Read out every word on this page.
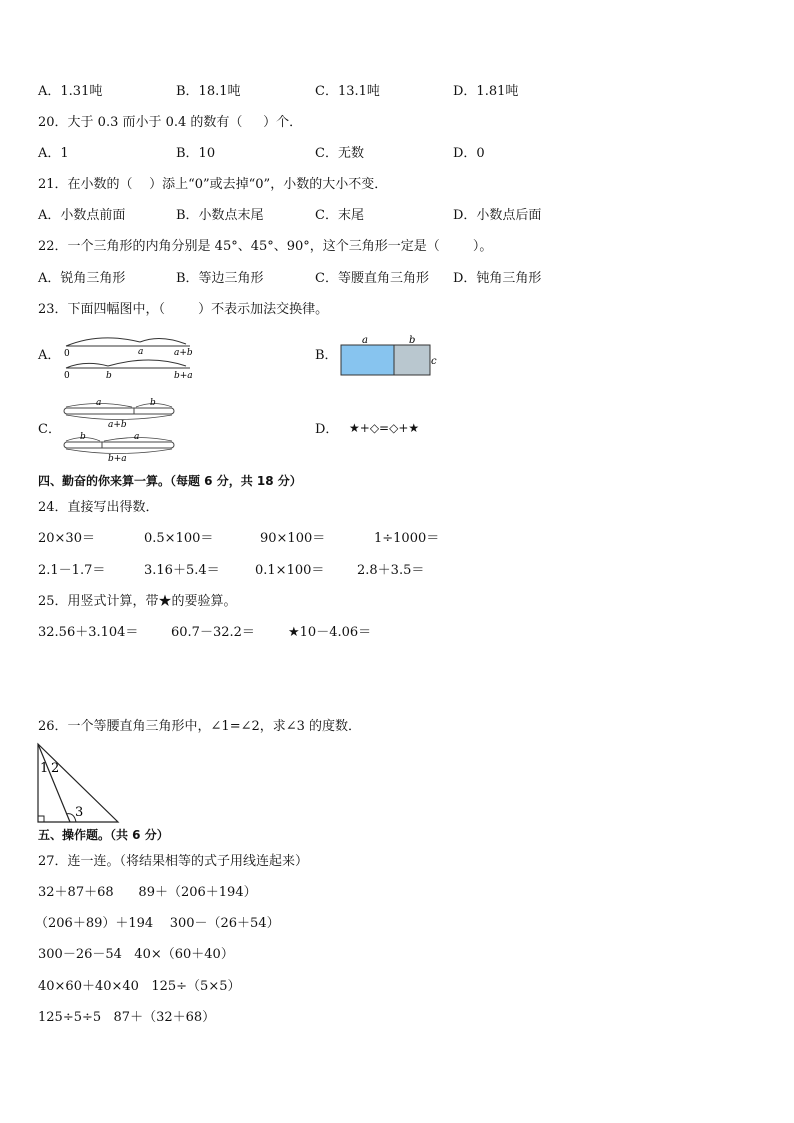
A．1.31吨	B．18.1吨	C．13.1吨	D．1.81吨
20．大于 0.3 而小于 0.4 的数有（     ）个．
A．1	B．10	C．无数	D．0
21．在小数的（    ）添上“0”或去掉“0”，小数的大小不变．
A．小数点前面	B．小数点末尾	C．末尾	D．小数点后面
22．一个三角形的内角分别是 45°、45°、90°，这个三角形一定是（        ）。
A．锐角三角形	B．等边三角形	C．等腰直角三角形 D．钝角三角形
23．下面四幅图中，（        ）不表示加法交换律。
A． 0	a	a+b
0	b	b+a
B．
a	b
c
C．
a	b
a+b
b	a
b+a
D． ★+◇=◇+★
四、勤奋的你来算一算。（每题 6 分，共 18 分）
24．直接写出得数．
20×30＝	0.5×100＝	90×100＝	1÷1000＝
2.1－1.7＝	3.16＋5.4＝	0.1×100＝	2.8＋3.5＝
25．用竖式计算，带★的要验算。
32.56＋3.104＝	60.7－32.2＝	★10－4.06＝
26．一个等腰直角三角形中，∠1=∠2，求∠3 的度数．
1 2
3
五、操作题。（共 6 分）
27．连一连。（将结果相等的式子用线连起来）
32＋87＋68      89＋（206＋194）
（206＋89）＋194    300－（26＋54）
300－26－54   40×（60＋40）
40×60＋40×40   125÷（5×5）
125÷5÷5   87＋（32＋68）
